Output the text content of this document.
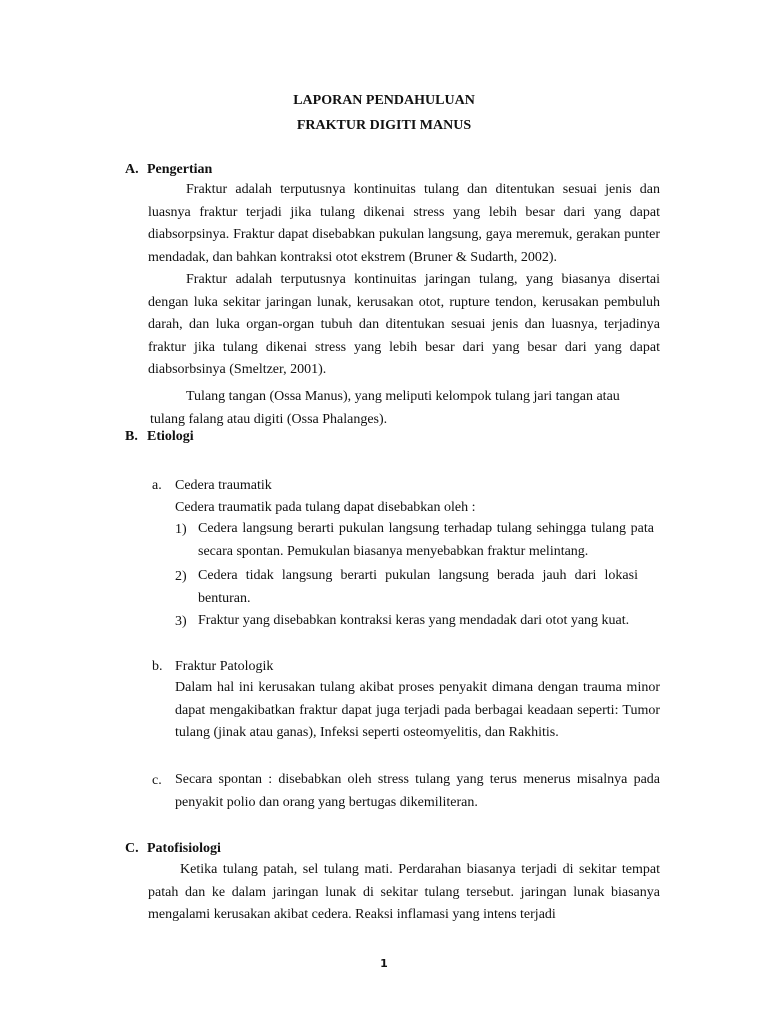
LAPORAN PENDAHULUAN
FRAKTUR DIGITI MANUS
A. Pengertian

Fraktur adalah terputusnya kontinuitas tulang dan ditentukan sesuai jenis dan luasnya fraktur terjadi jika tulang dikenai stress yang lebih besar dari yang dapat diabsorpsinya. Fraktur dapat disebabkan pukulan langsung, gaya meremuk, gerakan punter mendadak, dan bahkan kontraksi otot ekstrem (Bruner & Sudarth, 2002).

Fraktur adalah terputusnya kontinuitas jaringan tulang, yang biasanya disertai dengan luka sekitar jaringan lunak, kerusakan otot, rupture tendon, kerusakan pembuluh darah, dan luka organ-organ tubuh dan ditentukan sesuai jenis dan luasnya, terjadinya fraktur jika tulang dikenai stress yang lebih besar dari yang besar dari yang dapat diabsorbsinya (Smeltzer, 2001).

Tulang tangan (Ossa Manus), yang meliputi kelompok tulang jari tangan atau
tulang falang atau digiti (Ossa Phalanges).
B. Etiologi
a. Cedera traumatik
Cedera traumatik pada tulang dapat disebabkan oleh :
1) Cedera langsung berarti pukulan langsung terhadap tulang sehingga tulang pata secara spontan. Pemukulan biasanya menyebabkan fraktur melintang.
2) Cedera tidak langsung berarti pukulan langsung berada jauh dari lokasi benturan.
3) Fraktur yang disebabkan kontraksi keras yang mendadak dari otot yang kuat.
b. Fraktur Patologik

Dalam hal ini kerusakan tulang akibat proses penyakit dimana dengan trauma minor dapat mengakibatkan fraktur dapat juga terjadi pada berbagai keadaan seperti: Tumor tulang (jinak atau ganas), Infeksi seperti osteomyelitis, dan Rakhitis.

c. Secara spontan : disebabkan oleh stress tulang yang terus menerus misalnya pada penyakit polio dan orang yang bertugas dikemiliteran.

C. Patofisiologi

Ketika tulang patah, sel tulang mati. Perdarahan biasanya terjadi di sekitar tempat patah dan ke dalam jaringan lunak di sekitar tulang tersebut. jaringan lunak biasanya mengalami kerusakan akibat cedera. Reaksi inflamasi yang intens terjadi

1
